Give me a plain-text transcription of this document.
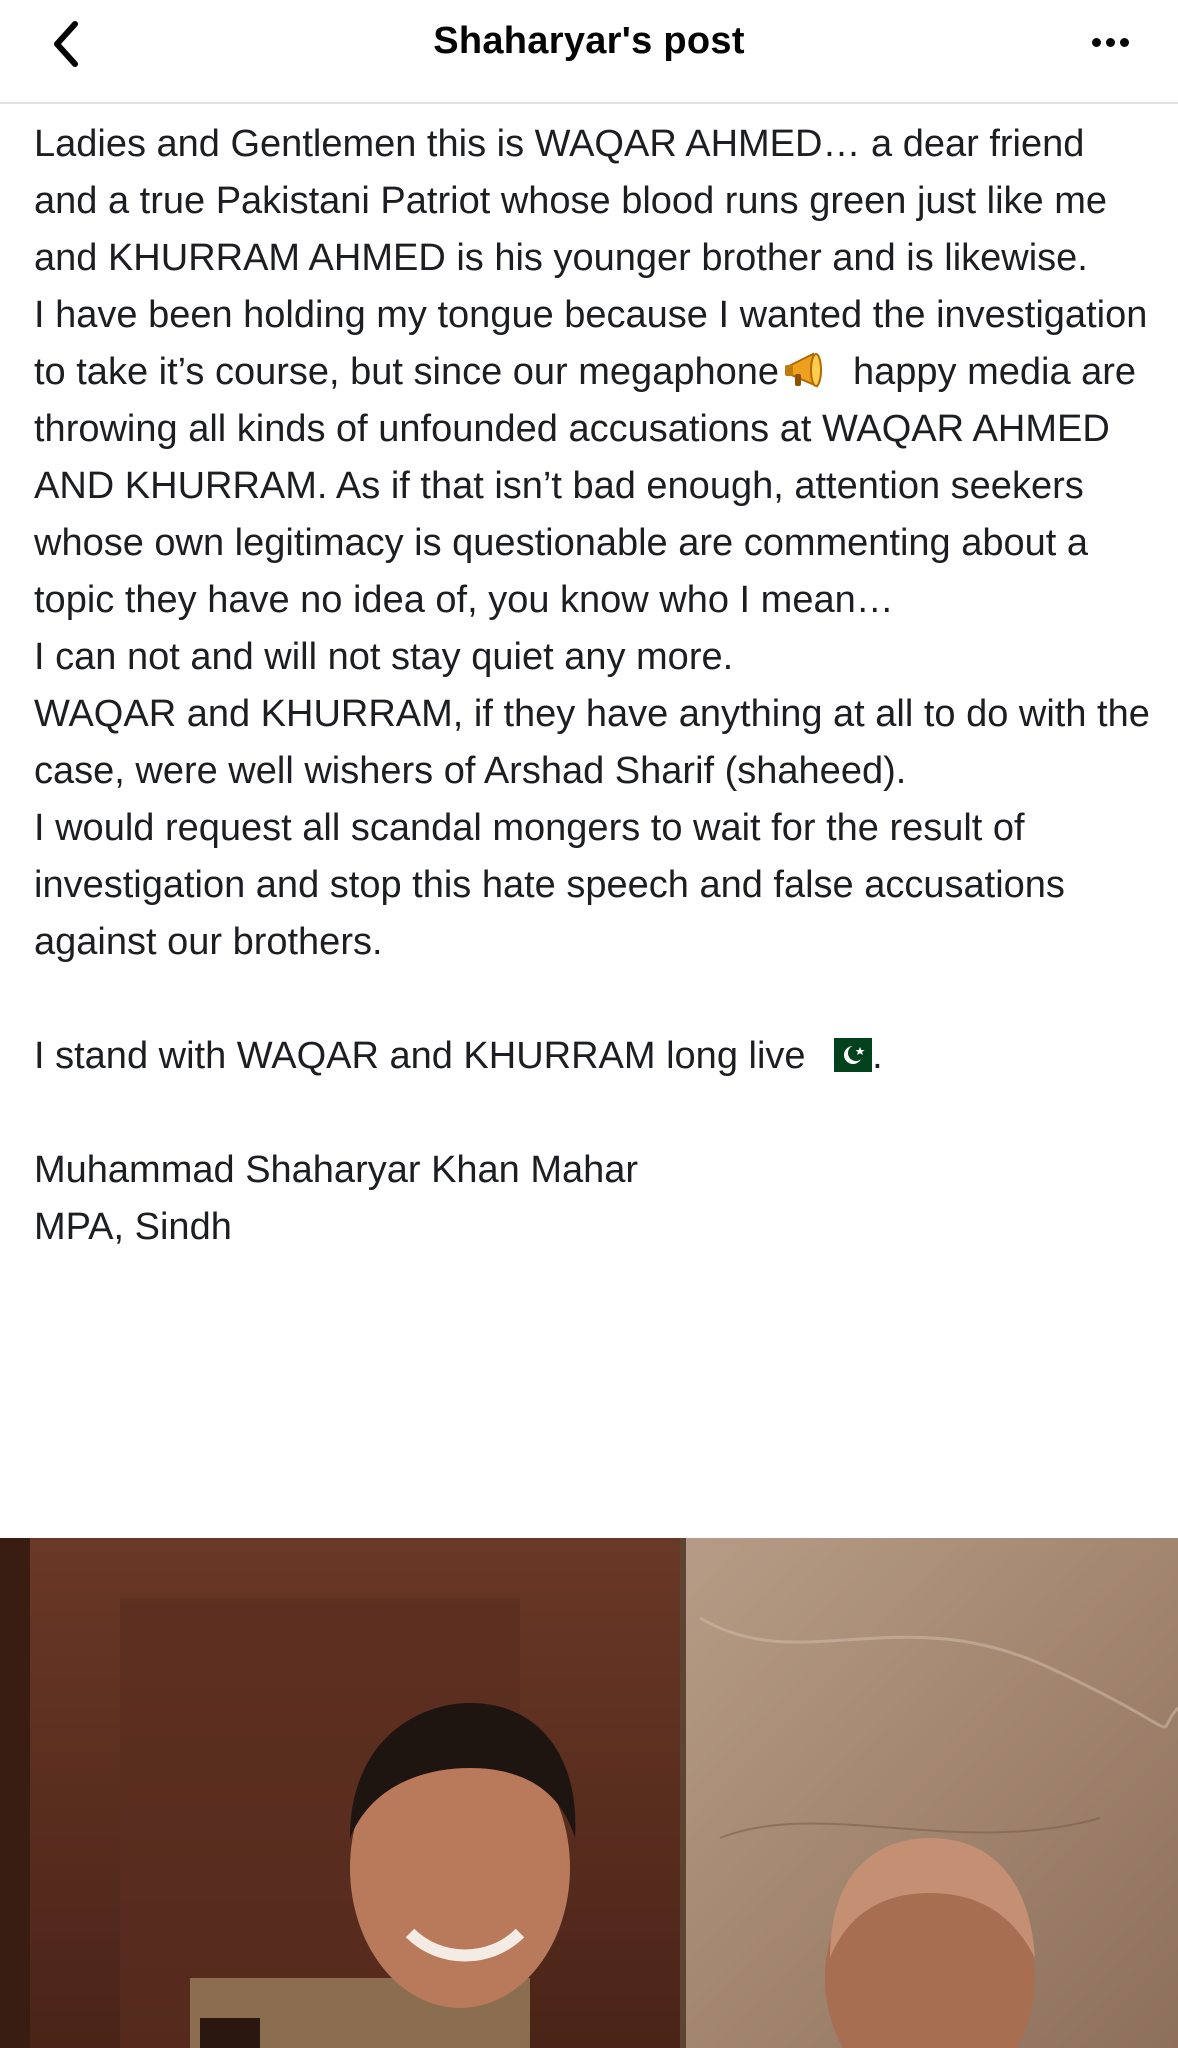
Shaharyar's post

Ladies and Gentlemen this is WAQAR AHMED… a dear friend and a true Pakistani Patriot whose blood runs green just like me and KHURRAM AHMED is his younger brother and is likewise.

I have been holding my tongue because I wanted the investigation to take it’s course, but since our megaphone happy media are throwing all kinds of unfounded accusations at WAQAR AHMED AND KHURRAM. As if that isn’t bad enough, attention seekers whose own legitimacy is questionable are commenting about a topic they have no idea of, you know who I mean…

I can not and will not stay quiet any more.

WAQAR and KHURRAM, if they have anything at all to do with the case, were well wishers of Arshad Sharif (shaheed).

I would request all scandal mongers to wait for the result of investigation and stop this hate speech and false accusations against our brothers.

I stand with WAQAR and KHURRAM long live .

Muhammad Shaharyar Khan Mahar

MPA, Sindh
